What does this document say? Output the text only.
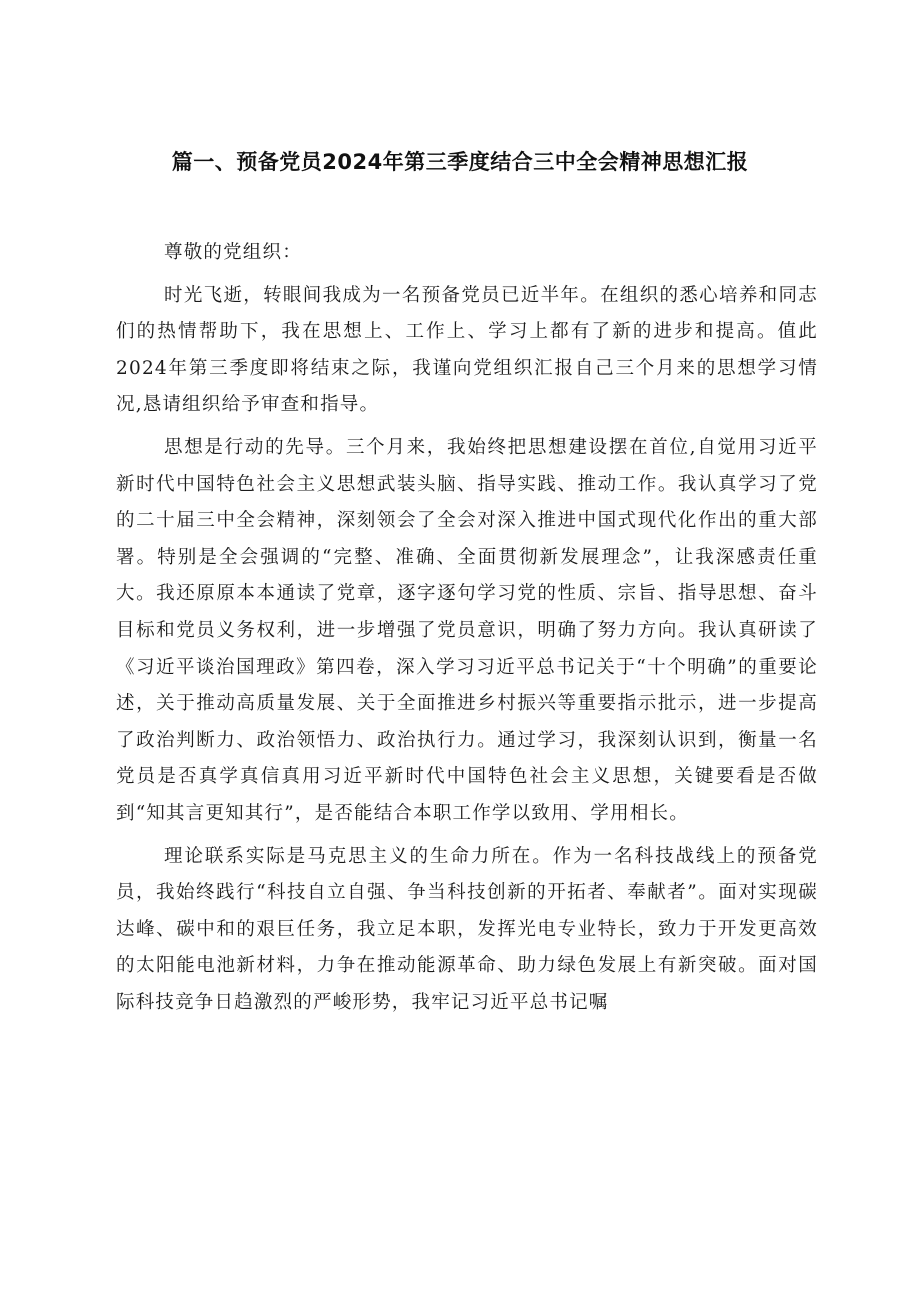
篇一、预备党员2024年第三季度结合三中全会精神思想汇报

尊敬的党组织：

时光飞逝，转眼间我成为一名预备党员已近半年。在组织的悉心培养和同志们的热情帮助下，我在思想上、工作上、学习上都有了新的进步和提高。值此2024年第三季度即将结束之际，我谨向党组织汇报自己三个月来的思想学习情况,恳请组织给予审查和指导。

思想是行动的先导。三个月来，我始终把思想建设摆在首位,自觉用习近平新时代中国特色社会主义思想武装头脑、指导实践、推动工作。我认真学习了党的二十届三中全会精神，深刻领会了全会对深入推进中国式现代化作出的重大部署。特别是全会强调的“完整、准确、全面贯彻新发展理念”，让我深感责任重大。我还原原本本通读了党章，逐字逐句学习党的性质、宗旨、指导思想、奋斗目标和党员义务权利，进一步增强了党员意识，明确了努力方向。我认真研读了《习近平谈治国理政》第四卷，深入学习习近平总书记关于“十个明确”的重要论述，关于推动高质量发展、关于全面推进乡村振兴等重要指示批示，进一步提高了政治判断力、政治领悟力、政治执行力。通过学习，我深刻认识到，衡量一名党员是否真学真信真用习近平新时代中国特色社会主义思想，关键要看是否做到“知其言更知其行”，是否能结合本职工作学以致用、学用相长。

理论联系实际是马克思主义的生命力所在。作为一名科技战线上的预备党员，我始终践行“科技自立自强、争当科技创新的开拓者、奉献者”。面对实现碳达峰、碳中和的艰巨任务，我立足本职，发挥光电专业特长，致力于开发更高效的太阳能电池新材料，力争在推动能源革命、助力绿色发展上有新突破。面对国际科技竞争日趋激烈的严峻形势，我牢记习近平总书记嘱
